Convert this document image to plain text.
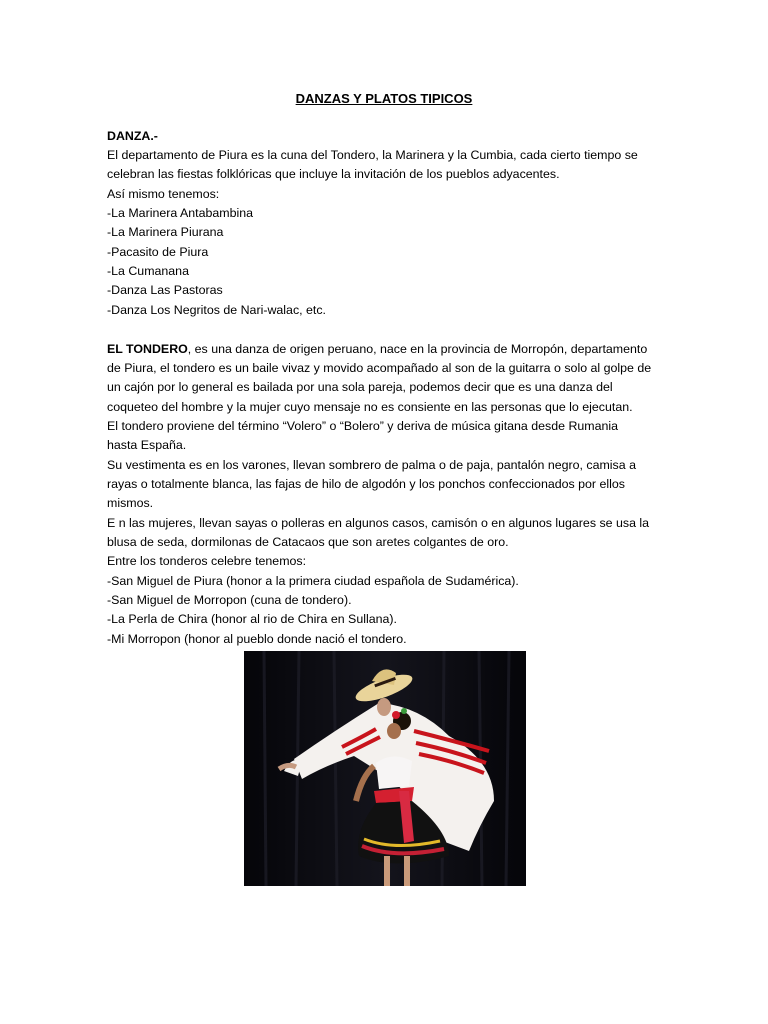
DANZAS Y PLATOS TIPICOS
DANZA.-
El departamento de Piura es la cuna del Tondero, la Marinera y la Cumbia, cada cierto tiempo se
celebran las fiestas folklóricas que incluye la invitación de los pueblos adyacentes.
Así mismo tenemos:
-La Marinera Antabambina
-La Marinera Piurana
-Pacasito de Piura
-La Cumanana
-Danza Las Pastoras
-Danza Los Negritos de Nari-walac, etc.
EL TONDERO, es una danza de origen peruano, nace en la provincia de Morropón, departamento
de Piura, el tondero es un baile vivaz y movido acompañado al son de la guitarra o solo al golpe de
un cajón por lo general es bailada por una sola pareja, podemos decir que es una danza del
coqueteo del hombre y la mujer cuyo mensaje no es consiente en las personas que lo ejecutan.
El tondero proviene del término “Volero” o “Bolero” y deriva de música gitana desde Rumania
hasta España.
Su vestimenta es en los varones, llevan sombrero de palma o de paja, pantalón negro, camisa a
rayas o totalmente blanca, las fajas de hilo de algodón y los ponchos confeccionados por ellos
mismos.
E n las mujeres, llevan sayas o polleras en algunos casos, camisón o en algunos lugares se usa la
blusa de seda, dormilonas de Catacaos que son aretes colgantes de oro.
Entre los tonderos celebre tenemos:
-San Miguel de Piura (honor a la primera ciudad española de Sudamérica).
-San Miguel de Morropon (cuna de tondero).
-La Perla de Chira (honor al rio de Chira en Sullana).
-Mi Morropon (honor al pueblo donde nació el tondero.
